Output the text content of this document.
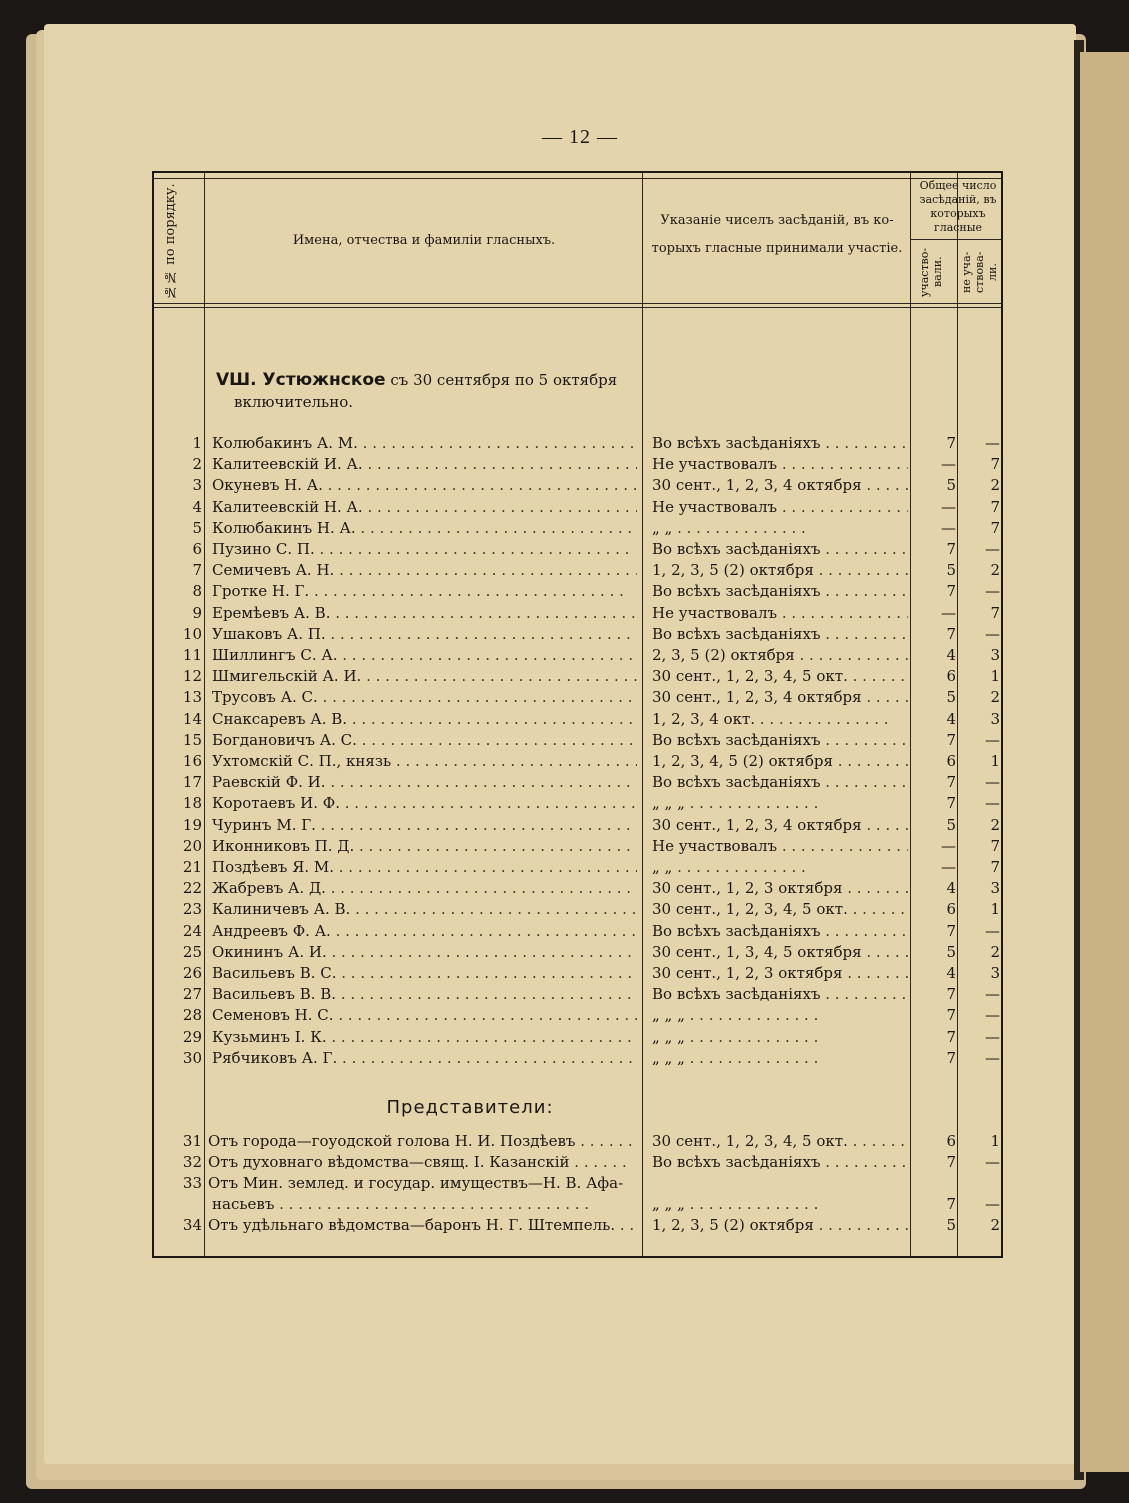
— 12 —
№№ по порядку.	Имена, отчества и фамиліи гласныхъ.
Указаніе чиселъ засѣданій, въ ко-
торыхъ гласные принимали участіе.
Общее число
засѣданій, въ
которыхъ
гласные
участво-вали.	не уча-ствова-ли.
VШ. Устюжнское съ 30 сентября по 5 октября
включительно.
1 Колюбакинъ А. М. . . .	Во всѣхъ засѣданіяхъ . . .	7	—
2 Калитеевскій И. А. . . .	Не участвовалъ . . .	—	7
3 Окуневъ Н. А. . . .	30 сент., 1, 2, 3, 4 октября . . .	5	2
4 Калитеевскій Н. А. . . .	Не участвовалъ . . .	—	7
5 Колюбакинъ Н. А. . . .	„ „ . . .	—	7
6 Пузино С. П. . . .	Во всѣхъ засѣданіяхъ . . .	7	—
7 Семичевъ А. Н. . . .	1, 2, 3, 5 (2) октября . . .	5	2
8 Гротке Н. Г. . . .	Во всѣхъ засѣданіяхъ . . .	7	—
9 Еремѣевъ А. В. . . .	Не участвовалъ . . .	—	7
10 Ушаковъ А. П. . . .	Во всѣхъ засѣданіяхъ . . .	7	—
11 Шиллингъ С. А. . . .	2, 3, 5 (2) октября . . .	4	3
12 Шмигельскій А. И. . . .	30 сент., 1, 2, 3, 4, 5 окт. . . .	6	1
13 Трусовъ А. С. . . .	30 сент., 1, 2, 3, 4 октября . . .	5	2
14 Снаксаревъ А. В. . . .	1, 2, 3, 4 окт. . . .	4	3
15 Богдановичъ А. С. . . .	Во всѣхъ засѣданіяхъ . . .	7	—
16 Ухтомскій С. П., князь . . .	1, 2, 3, 4, 5 (2) октября . . .	6	1
17 Раевскій Ф. И. . . .	Во всѣхъ засѣданіяхъ . . .	7	—
18 Коротаевъ И. Ф. . . .	„ „ „ . . .	7	—
19 Чуринъ М. Г. . . .	30 сент., 1, 2, 3, 4 октября . . .	5	2
20 Иконниковъ П. Д. . . .	Не участвовалъ . . .	—	7
21 Поздѣевъ Я. М. . . .	„ „ . . .	—	7
22 Жабревъ А. Д. . . .	30 сент., 1, 2, 3 октября . . .	4	3
23 Калиничевъ А. В. . . .	30 сент., 1, 2, 3, 4, 5 окт. . . .	6	1
24 Андреевъ Ф. А. . . .	Во всѣхъ засѣданіяхъ . . .	7	—
25 Окининъ А. И. . . .	30 сент., 1, 3, 4, 5 октября . . .	5	2
26 Васильевъ В. С. . . .	30 сент., 1, 2, 3 октября . . .	4	3
27 Васильевъ В. В. . . .	Во всѣхъ засѣданіяхъ . . .	7	—
28 Семеновъ Н. С. . . .	„ „ „ . . .	7	—
29 Кузьминъ І. К. . . .	„ „ „ . . .	7	—
30 Рябчиковъ А. Г. . . .	„ „ „ . . .	7	—
Представители:
31 Отъ города—гоуодской голова Н. И. Поздѣевъ . . .	30 сент., 1, 2, 3, 4, 5 окт. . . .	6	1
32 Отъ духовнаго вѣдомства—свящ. І. Казанскій . . .	Во всѣхъ засѣданіяхъ . . .	7	—
33 Отъ Мин. землед. и государ. имуществъ—Н. В. Афа-
насьевъ . . .	„ „ „ . . .	7	—
34 Отъ удѣльнаго вѣдомства—баронъ Н. Г. Штемпель. . . .	1, 2, 3, 5 (2) октября . . .	5	2
